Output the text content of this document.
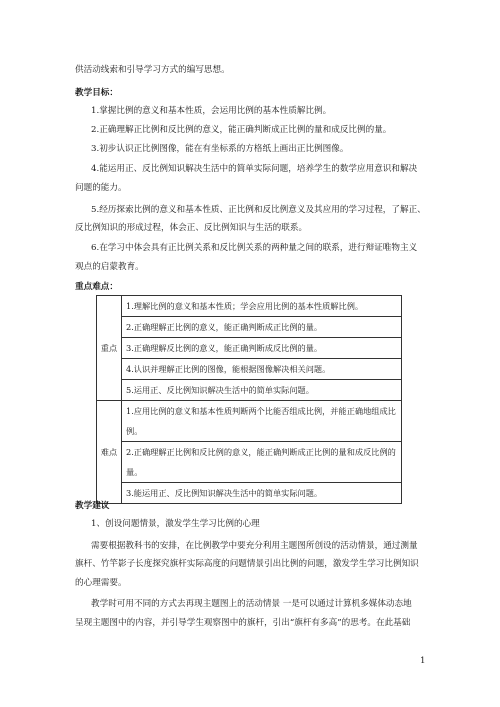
供活动线索和引导学习方式的编写思想。
教学目标：
1.掌握比例的意义和基本性质，会运用比例的基本性质解比例。
2.正确理解正比例和反比例的意义，能正确判断成正比例的量和成反比例的量。
3.初步认识正比例图像，能在有坐标系的方格纸上画出正比例图像。
4.能运用正、反比例知识解决生活中的简单实际问题，培养学生的数学应用意识和解决
问题的能力。
5.经历探索比例的意义和基本性质、正比例和反比例意义及其应用的学习过程，了解正、
反比例知识的形成过程，体会正、反比例知识与生活的联系。
6.在学习中体会具有正比例关系和反比例关系的两种量之间的联系，进行辩证唯物主义
观点的启蒙教育。
重点难点：
重点	1.理解比例的意义和基本性质；学会应用比例的基本性质解比例。
	2.正确理解正比例的意义，能正确判断成正比例的量。
	3.正确理解反比例的意义，能正确判断成反比例的量。
	4.认识并理解正比例的图像，能根据图像解决相关问题。
	5.运用正、反比例知识解决生活中的简单实际问题。
难点	1.应用比例的意义和基本性质判断两个比能否组成比例，并能正确地组成比例。
	2.正确理解正比例和反比例的意义，能正确判断成正比例的量和成反比例的量。
	3.能运用正、反比例知识解决生活中的简单实际问题。
教学建议
1、创设问题情景，激发学生学习比例的心理
需要根据教科书的安排，在比例教学中要充分利用主题图所创设的活动情景，通过测量
旗杆、竹竿影子长度探究旗杆实际高度的问题情景引出比例的问题，激发学生学习比例知识
的心理需要。
教学时可用不同的方式去再现主题图上的活动情景 一是可以通过计算机多媒体动态地
呈现主题图中的内容，并引导学生观察图中的旗杆，引出“旗杆有多高”的思考。在此基础
1
